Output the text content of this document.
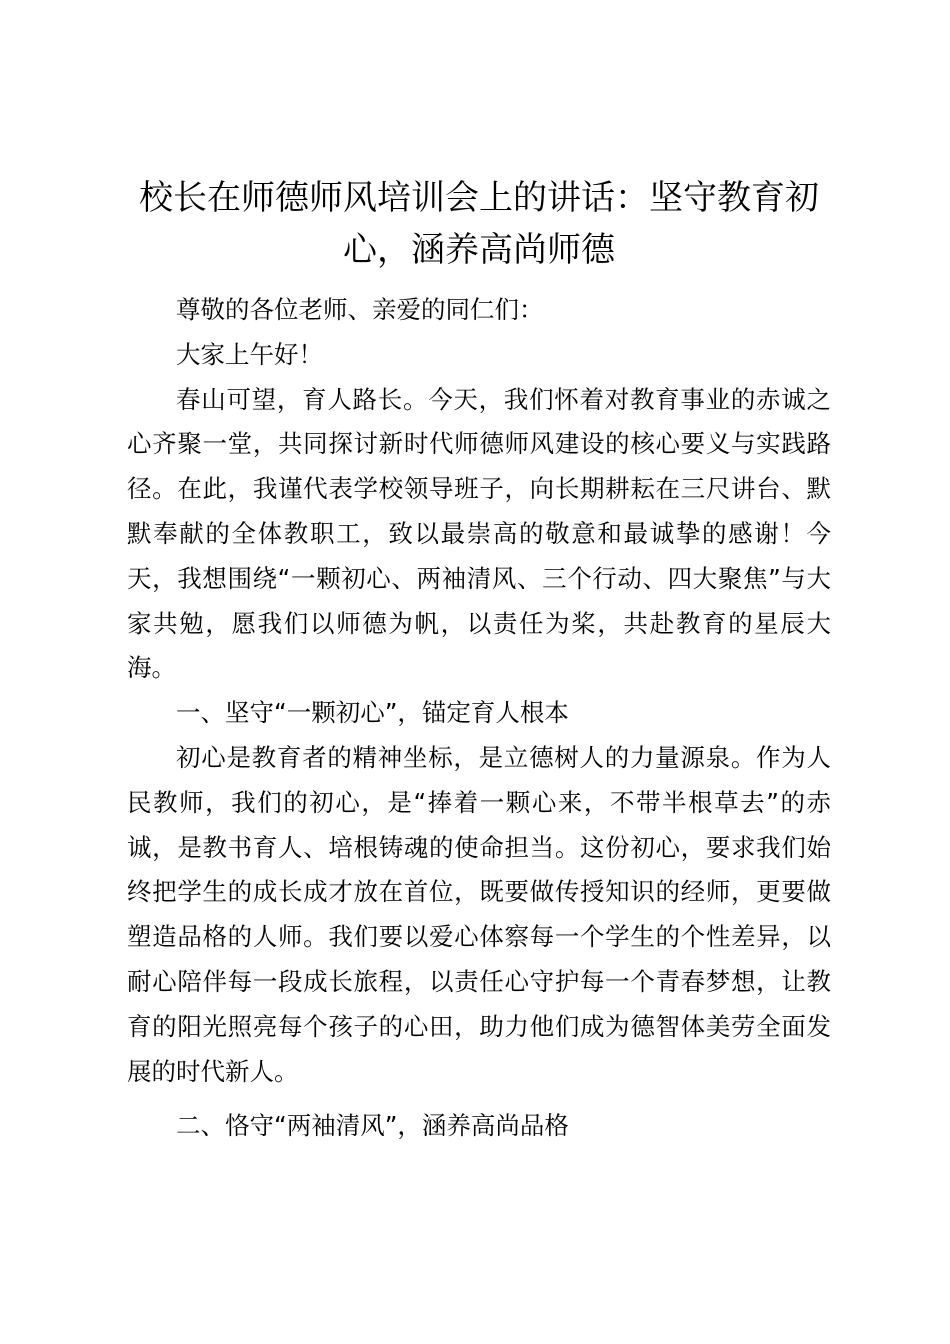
校长在师德师风培训会上的讲话：坚守教育初心，涵养高尚师德

尊敬的各位老师、亲爱的同仁们：

大家上午好！

春山可望，育人路长。今天，我们怀着对教育事业的赤诚之心齐聚一堂，共同探讨新时代师德师风建设的核心要义与实践路径。在此，我谨代表学校领导班子，向长期耕耘在三尺讲台、默默奉献的全体教职工，致以最崇高的敬意和最诚挚的感谢！今天，我想围绕“一颗初心、两袖清风、三个行动、四大聚焦”与大家共勉，愿我们以师德为帆，以责任为桨，共赴教育的星辰大海。

一、坚守“一颗初心”，锚定育人根本

初心是教育者的精神坐标，是立德树人的力量源泉。作为人民教师，我们的初心，是“捧着一颗心来，不带半根草去”的赤诚，是教书育人、培根铸魂的使命担当。这份初心，要求我们始终把学生的成长成才放在首位，既要做传授知识的经师，更要做塑造品格的人师。我们要以爱心体察每一个学生的个性差异，以耐心陪伴每一段成长旅程，以责任心守护每一个青春梦想，让教育的阳光照亮每个孩子的心田，助力他们成为德智体美劳全面发展的时代新人。

二、恪守“两袖清风”，涵养高尚品格
